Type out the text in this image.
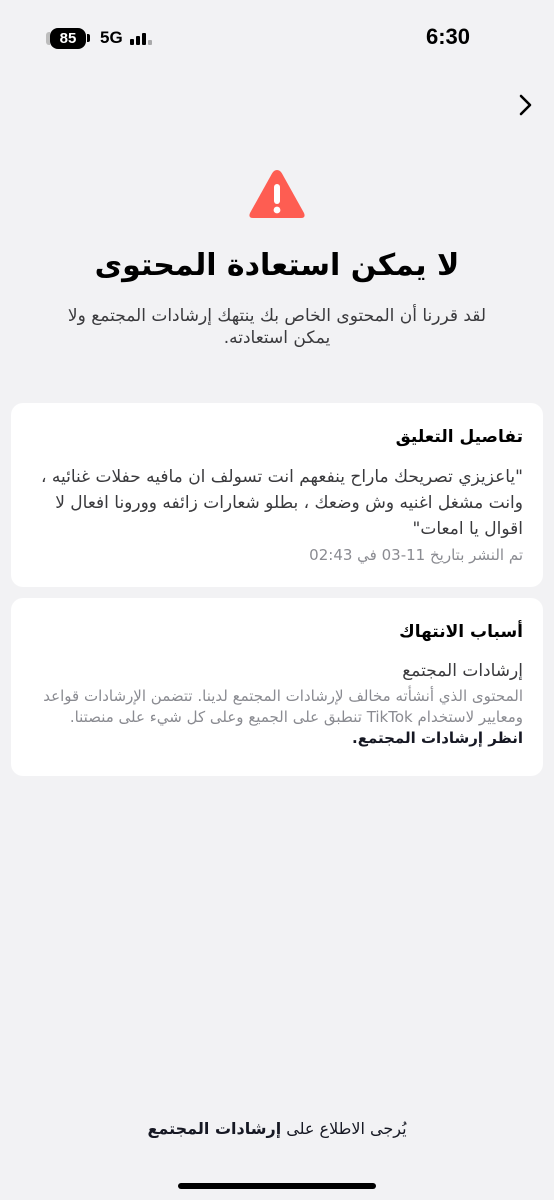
6:30
85 5G
لا يمكن استعادة المحتوى
لقد قررنا أن المحتوى الخاص بك ينتهك إرشادات المجتمع ولا يمكن استعادته.
تفاصيل التعليق
"ياعزيزي تصريحك ماراح ينفعهم انت تسولف ان مافيه حفلات غنائيه ، وانت مشغل اغنيه وش وضعك ، بطلو شعارات زائفه وورونا افعال لا اقوال يا امعات"
تم النشر بتاريخ 11-03 في 02:43
أسباب الانتهاك
إرشادات المجتمع
المحتوى الذي أنشأته مخالف لإرشادات المجتمع لدينا. تتضمن الإرشادات قواعد ومعايير لاستخدام TikTok تنطبق على الجميع وعلى كل شيء على منصتنا. انظر إرشادات المجتمع.
يُرجى الاطلاع على إرشادات المجتمع
